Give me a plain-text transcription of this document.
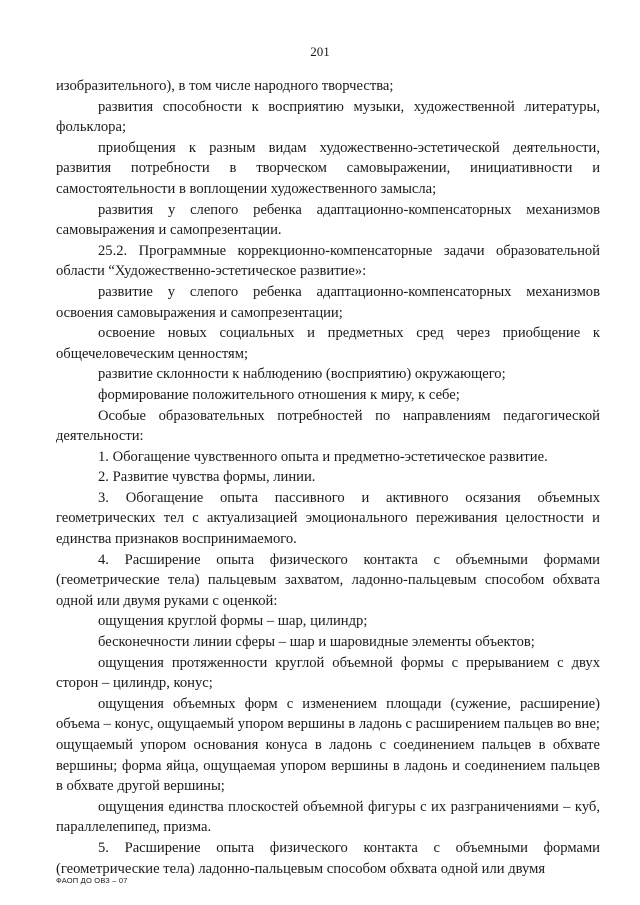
201

изобразительного), в том числе народного творчества;

развития способности к восприятию музыки, художественной литературы, фольклора;

приобщения к разным видам художественно-эстетической деятельности, развития потребности в творческом самовыражении, инициативности и самостоятельности в воплощении художественного замысла;

развития у слепого ребенка адаптационно-компенсаторных механизмов самовыражения и самопрезентации.

25.2. Программные коррекционно-компенсаторные задачи образовательной области “Художественно-эстетическое развитие»:

развитие у слепого ребенка адаптационно-компенсаторных механизмов освоения самовыражения и самопрезентации;

освоение новых социальных и предметных сред через приобщение к общечеловеческим ценностям;

развитие склонности к наблюдению (восприятию) окружающего;

формирование положительного отношения к миру, к себе;

Особые образовательных потребностей по направлениям педагогической деятельности:

1. Обогащение чувственного опыта и предметно-эстетическое развитие.

2. Развитие чувства формы, линии.

3. Обогащение опыта пассивного и активного осязания объемных геометрических тел с актуализацией эмоционального переживания целостности и единства признаков воспринимаемого.

4. Расширение опыта физического контакта с объемными формами (геометрические тела) пальцевым захватом, ладонно-пальцевым способом обхвата одной или двумя руками с оценкой:

ощущения круглой формы – шар, цилиндр;

бесконечности линии сферы – шар и шаровидные элементы объектов;

ощущения протяженности круглой объемной формы с прерыванием с двух сторон – цилиндр, конус;

ощущения объемных форм с изменением площади (сужение, расширение) объема – конус, ощущаемый упором вершины в ладонь с расширением пальцев во вне; ощущаемый упором основания конуса в ладонь с соединением пальцев в обхвате вершины; форма яйца, ощущаемая упором вершины в ладонь и соединением пальцев в обхвате другой вершины;

ощущения единства плоскостей объемной фигуры с их разграничениями – куб, параллелепипед, призма.

5. Расширение опыта физического контакта с объемными формами (геометрические тела) ладонно-пальцевым способом обхвата одной или двумя

ФАОП ДО ОВЗ – 07
